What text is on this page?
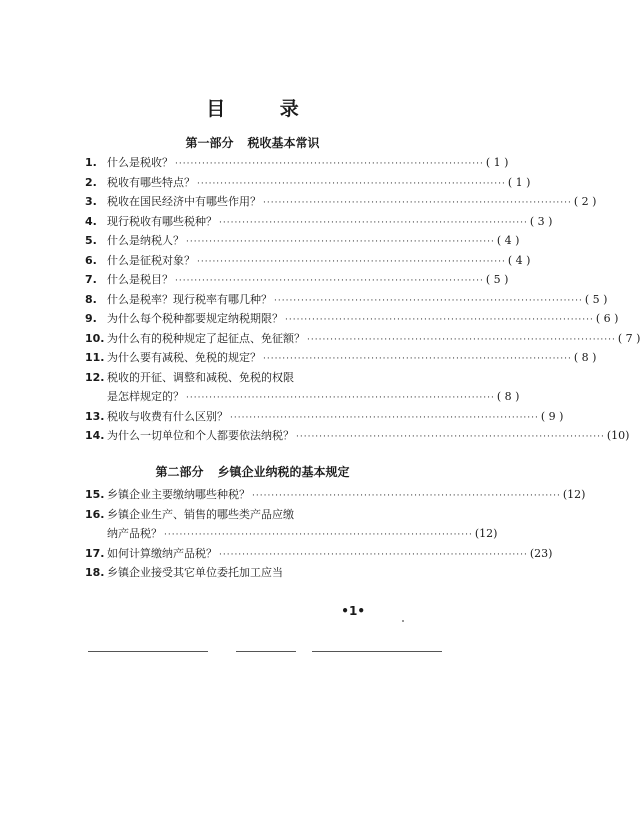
目 录
第一部分 税收基本常识
1. 什么是税收？ ················································································ ( 1 )
2. 税收有哪些特点？ ················································································ ( 1 )
3. 税收在国民经济中有哪些作用？ ················································································ ( 2 )
4. 现行税收有哪些税种？ ················································································ ( 3 )
5. 什么是纳税人？ ················································································ ( 4 )
6. 什么是征税对象？ ················································································ ( 4 )
7. 什么是税目？ ················································································ ( 5 )
8. 什么是税率？现行税率有哪几种？ ················································································ ( 5 )
9. 为什么每个税种都要规定纳税期限？ ················································································ ( 6 )
10. 为什么有的税种规定了起征点、免征额？ ················································································ ( 7 )
11. 为什么要有减税、免税的规定？ ················································································ ( 8 )
12. 税收的开征、调整和减税、免税的权限
是怎样规定的？ ················································································ ( 8 )
13. 税收与收费有什么区别？ ················································································ ( 9 )
14. 为什么一切单位和个人都要依法纳税？ ················································································ (10)
第二部分 乡镇企业纳税的基本规定
15. 乡镇企业主要缴纳哪些种税？ ················································································ (12)
16. 乡镇企业生产、销售的哪些类产品应缴
纳产品税？ ················································································ (12)
17. 如何计算缴纳产品税？ ················································································ (23)
18. 乡镇企业接受其它单位委托加工应当
•1•
